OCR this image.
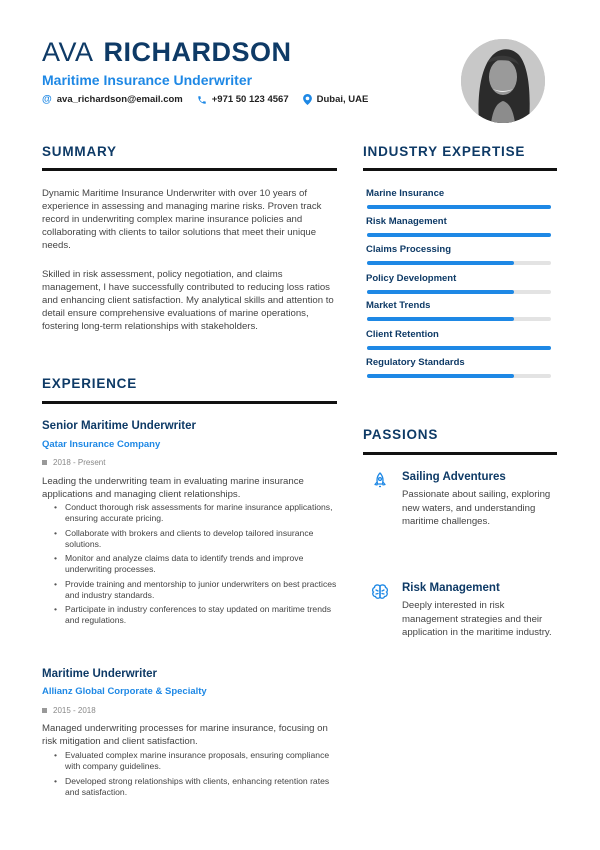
AVA RICHARDSON
Maritime Insurance Underwriter
@ ava_richardson@email.com	+971 50 123 4567	Dubai, UAE
SUMMARY
Dynamic Maritime Insurance Underwriter with over 10 years of experience in assessing and managing marine risks. Proven track record in underwriting complex marine insurance policies and collaborating with clients to tailor solutions that meet their unique needs.
Skilled in risk assessment, policy negotiation, and claims management, I have successfully contributed to reducing loss ratios and enhancing client satisfaction. My analytical skills and attention to detail ensure comprehensive evaluations of marine operations, fostering long-term relationships with stakeholders.
EXPERIENCE
Senior Maritime Underwriter
Qatar Insurance Company
2018 - Present
Leading the underwriting team in evaluating marine insurance applications and managing client relationships.
• Conduct thorough risk assessments for marine insurance applications, ensuring accurate pricing.
• Collaborate with brokers and clients to develop tailored insurance solutions.
• Monitor and analyze claims data to identify trends and improve underwriting processes.
• Provide training and mentorship to junior underwriters on best practices and industry standards.
• Participate in industry conferences to stay updated on maritime trends and regulations.
Maritime Underwriter
Allianz Global Corporate & Specialty
2015 - 2018
Managed underwriting processes for marine insurance, focusing on risk mitigation and client satisfaction.
• Evaluated complex marine insurance proposals, ensuring compliance with company guidelines.
• Developed strong relationships with clients, enhancing retention rates and satisfaction.
INDUSTRY EXPERTISE
Marine Insurance
Risk Management
Claims Processing
Policy Development
Market Trends
Client Retention
Regulatory Standards
PASSIONS
Sailing Adventures
Passionate about sailing, exploring new waters, and understanding maritime challenges.
Risk Management
Deeply interested in risk management strategies and their application in the maritime industry.
